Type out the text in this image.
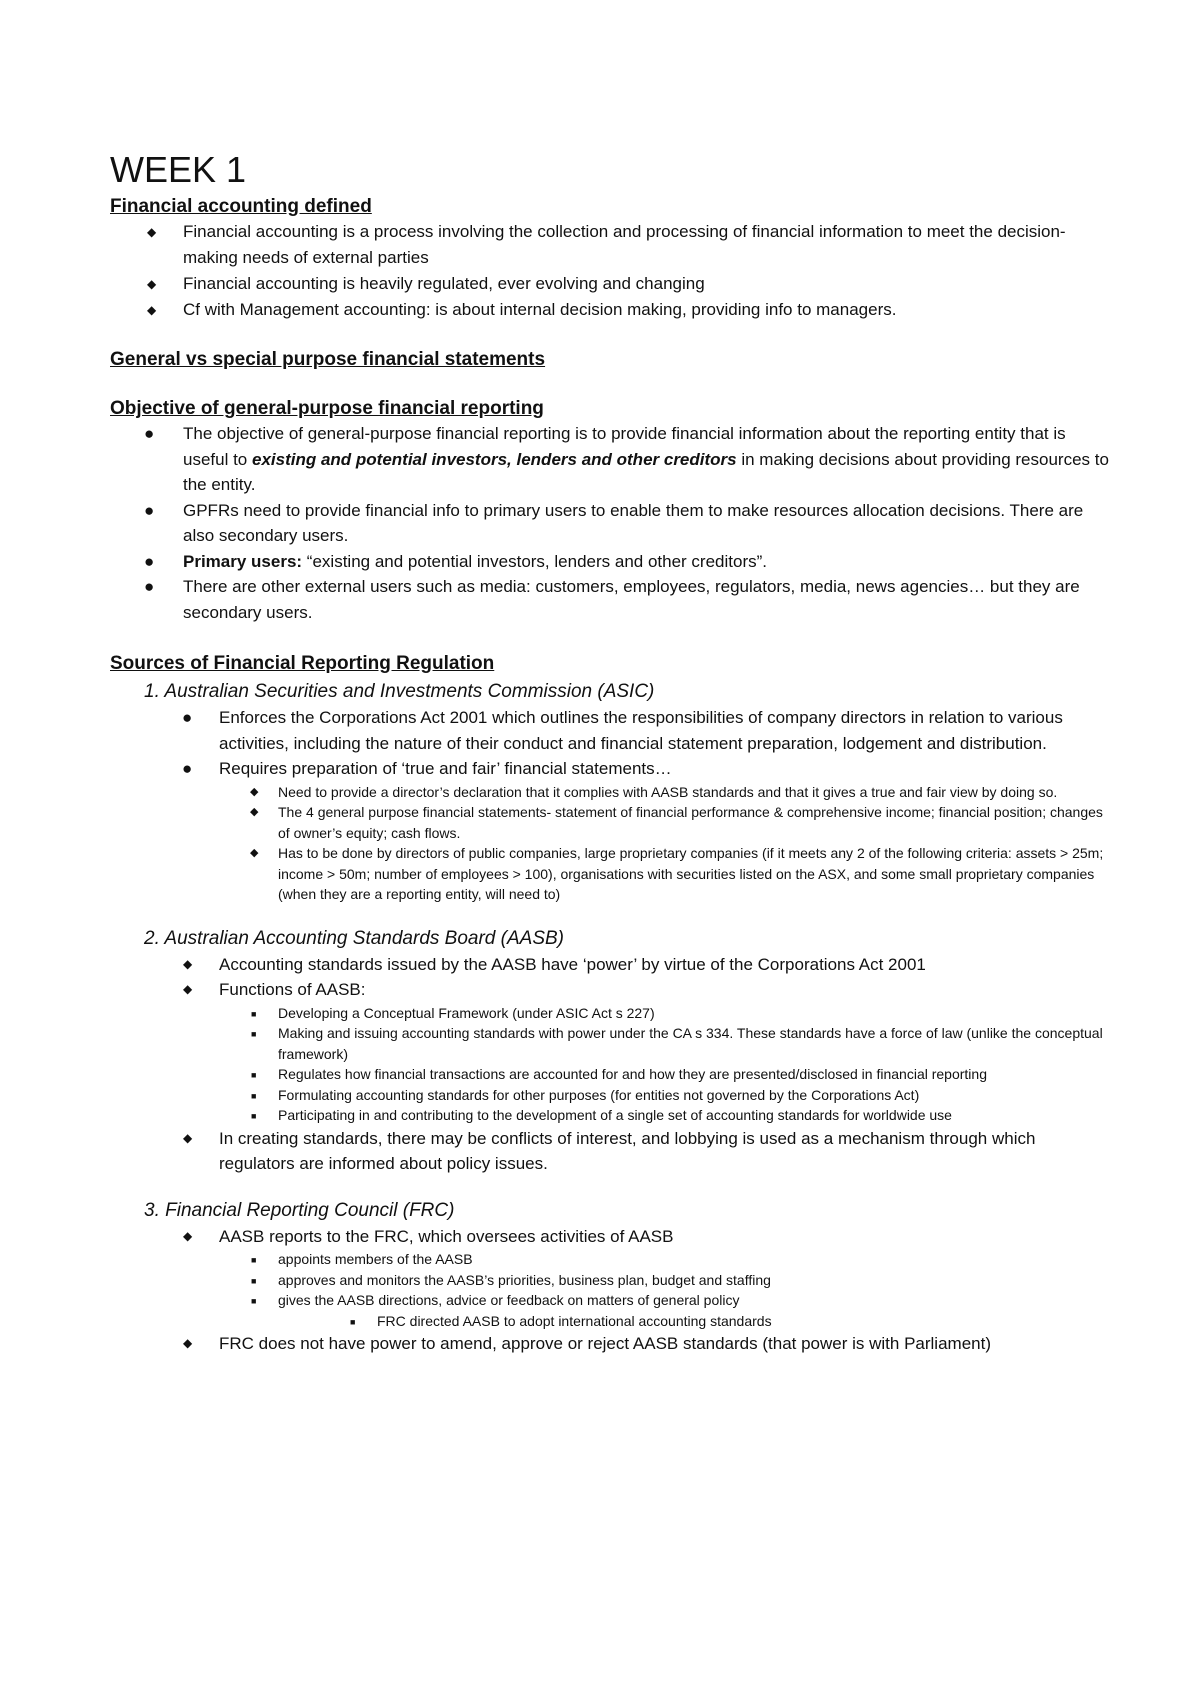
WEEK 1
Financial accounting defined
◆ Financial accounting is a process involving the collection and processing of financial information to meet the decision-making needs of external parties
◆ Financial accounting is heavily regulated, ever evolving and changing
◆ Cf with Management accounting: is about internal decision making, providing info to managers.
General vs special purpose financial statements
Objective of general-purpose financial reporting
● The objective of general-purpose financial reporting is to provide financial information about the reporting entity that is useful to existing and potential investors, lenders and other creditors in making decisions about providing resources to the entity.
● GPFRs need to provide financial info to primary users to enable them to make resources allocation decisions. There are also secondary users.
● Primary users: “existing and potential investors, lenders and other creditors”.
● There are other external users such as media: customers, employees, regulators, media, news agencies… but they are secondary users.
Sources of Financial Reporting Regulation
1. Australian Securities and Investments Commission (ASIC)
● Enforces the Corporations Act 2001 which outlines the responsibilities of company directors in relation to various activities, including the nature of their conduct and financial statement preparation, lodgement and distribution.
● Requires preparation of ‘true and fair’ financial statements…
◆ Need to provide a director’s declaration that it complies with AASB standards and that it gives a true and fair view by doing so.
◆ The 4 general purpose financial statements- statement of financial performance & comprehensive income; financial position; changes of owner’s equity; cash flows.
◆ Has to be done by directors of public companies, large proprietary companies (if it meets any 2 of the following criteria: assets > 25m; income > 50m; number of employees > 100), organisations with securities listed on the ASX, and some small proprietary companies (when they are a reporting entity, will need to)
2. Australian Accounting Standards Board (AASB)
◆ Accounting standards issued by the AASB have ‘power’ by virtue of the Corporations Act 2001
◆ Functions of AASB:
■ Developing a Conceptual Framework (under ASIC Act s 227)
■ Making and issuing accounting standards with power under the CA s 334. These standards have a force of law (unlike the conceptual framework)
■ Regulates how financial transactions are accounted for and how they are presented/disclosed in financial reporting
■ Formulating accounting standards for other purposes (for entities not governed by the Corporations Act)
■ Participating in and contributing to the development of a single set of accounting standards for worldwide use
◆ In creating standards, there may be conflicts of interest, and lobbying is used as a mechanism through which regulators are informed about policy issues.
3. Financial Reporting Council (FRC)
◆ AASB reports to the FRC, which oversees activities of AASB
■ appoints members of the AASB
■ approves and monitors the AASB’s priorities, business plan, budget and staffing
■ gives the AASB directions, advice or feedback on matters of general policy
■ FRC directed AASB to adopt international accounting standards
◆ FRC does not have power to amend, approve or reject AASB standards (that power is with Parliament)
